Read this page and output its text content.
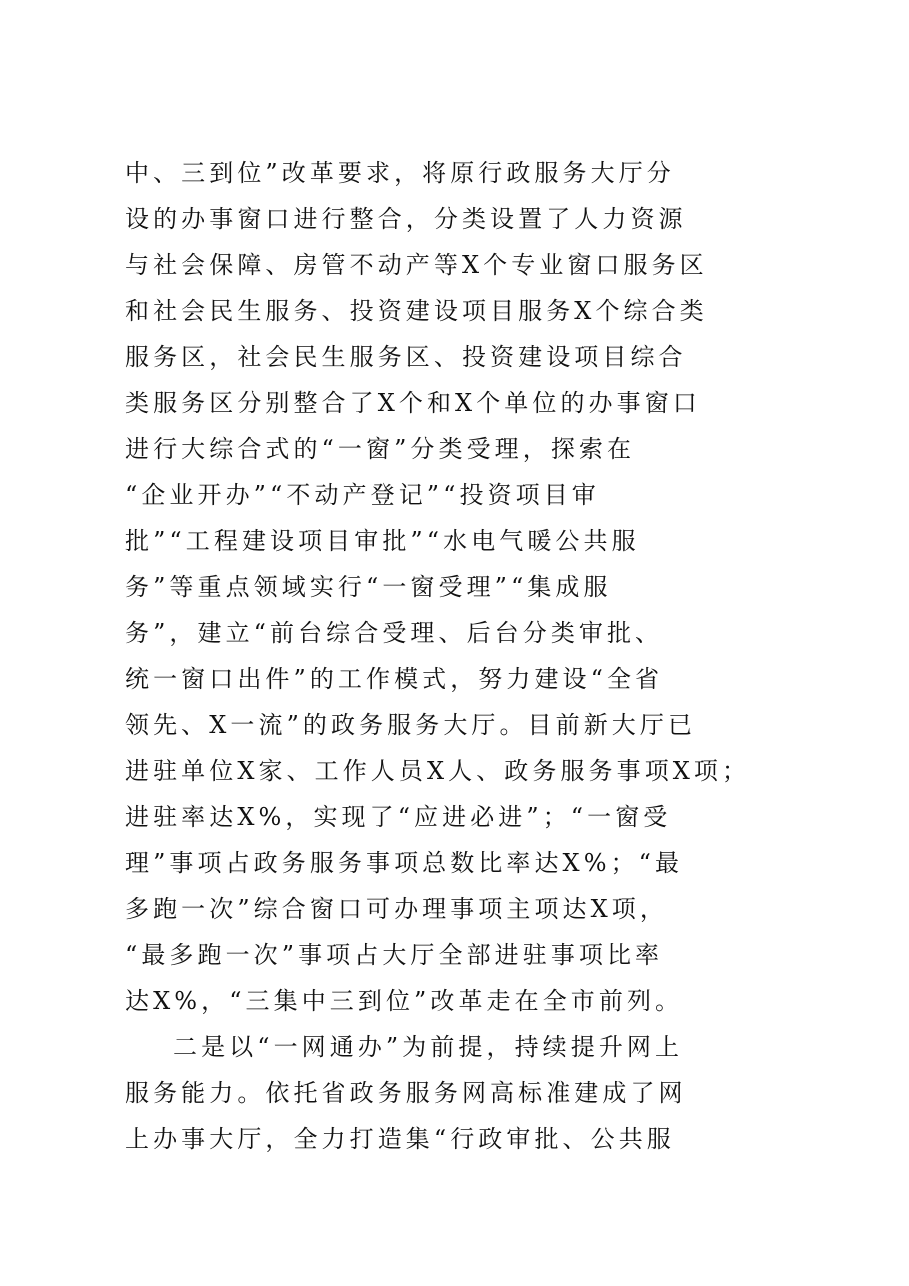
中、三到位”改革要求，将原行政服务大厅分
设的办事窗口进行整合，分类设置了人力资源
与社会保障、房管不动产等X个专业窗口服务区
和社会民生服务、投资建设项目服务X个综合类
服务区，社会民生服务区、投资建设项目综合
类服务区分别整合了X个和X个单位的办事窗口
进行大综合式的“一窗”分类受理，探索在
“企业开办”“不动产登记”“投资项目审
批”“工程建设项目审批”“水电气暖公共服
务”等重点领域实行“一窗受理”“集成服
务”，建立“前台综合受理、后台分类审批、
统一窗口出件”的工作模式，努力建设“全省
领先、X一流”的政务服务大厅。目前新大厅已
进驻单位X家、工作人员X人、政务服务事项X项；
进驻率达X%，实现了“应进必进”；“一窗受
理”事项占政务服务事项总数比率达X%；“最
多跑一次”综合窗口可办理事项主项达X项，
“最多跑一次”事项占大厅全部进驻事项比率
达X%，“三集中三到位”改革走在全市前列。
二是以“一网通办”为前提，持续提升网上
服务能力。依托省政务服务网高标准建成了网
上办事大厅，全力打造集“行政审批、公共服
